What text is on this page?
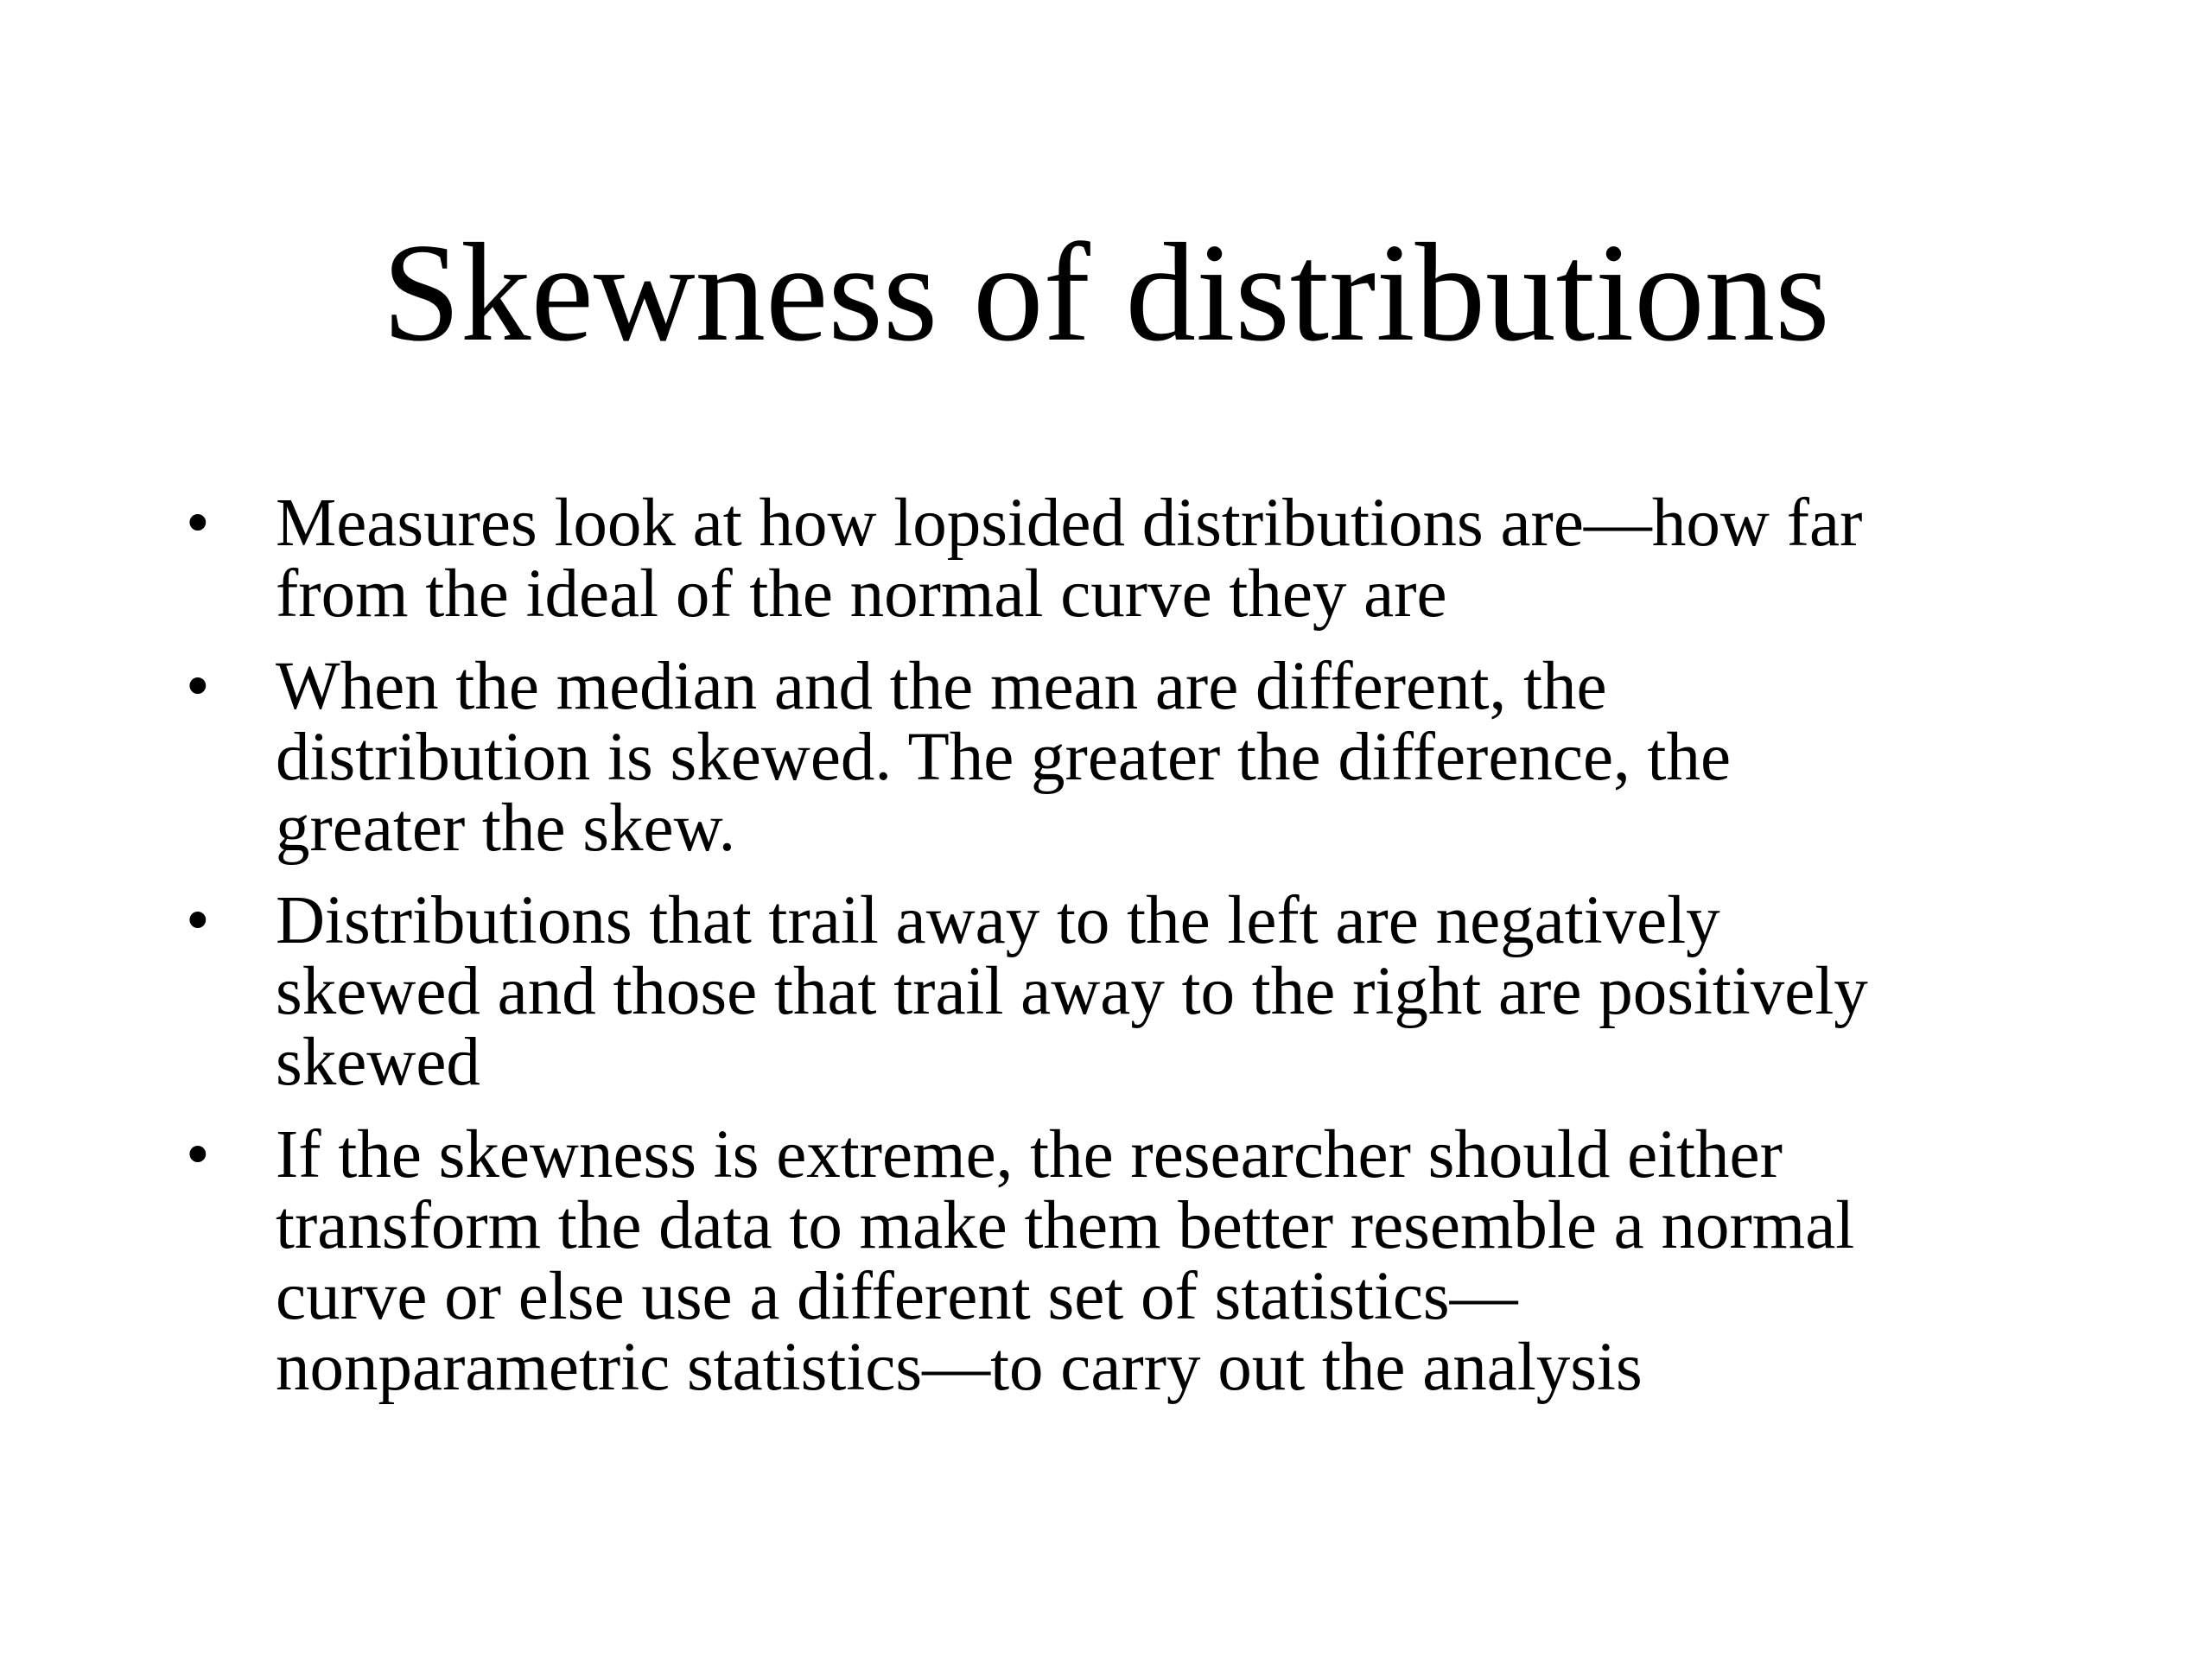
Skewness of distributions
• Measures look at how lopsided distributions are—how far
from the ideal of the normal curve they are
• When the median and the mean are different, the
distribution is skewed. The greater the difference, the
greater the skew.
• Distributions that trail away to the left are negatively
skewed and those that trail away to the right are positively
skewed
• If the skewness is extreme, the researcher should either
transform the data to make them better resemble a normal
curve or else use a different set of statistics—
nonparametric statistics—to carry out the analysis
